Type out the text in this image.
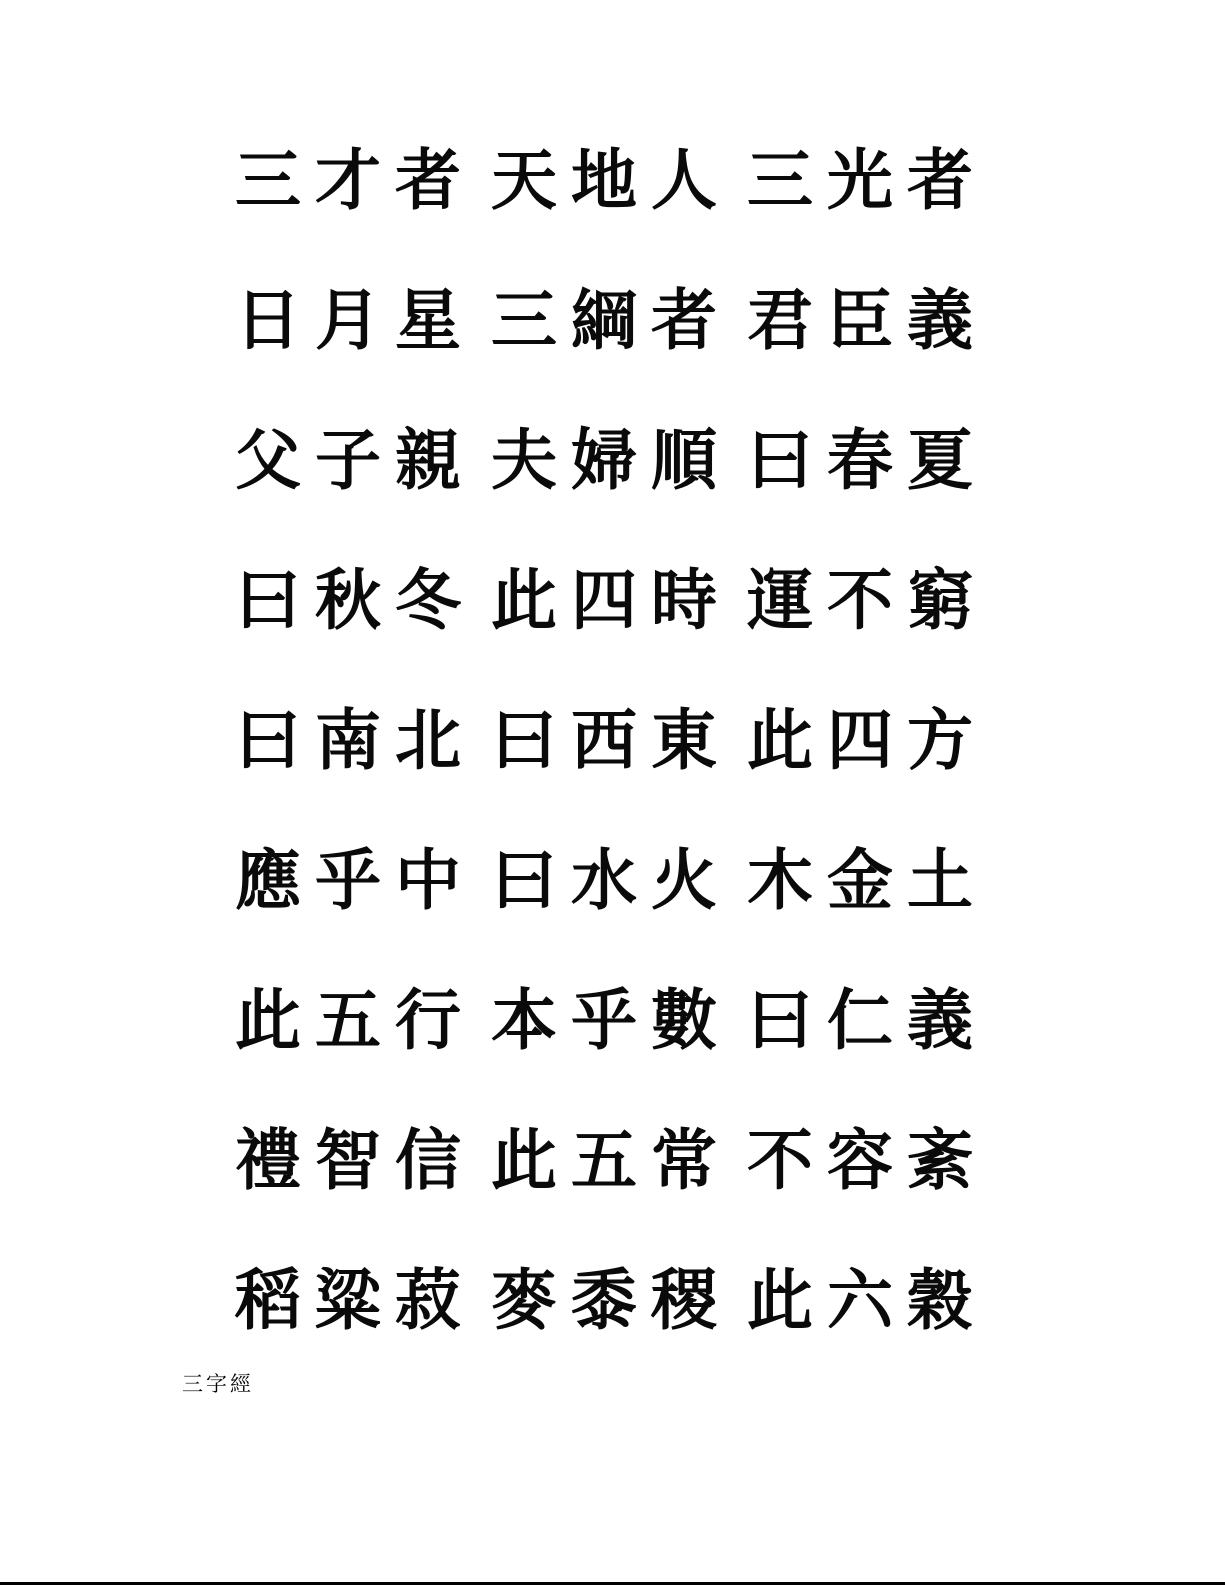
三 才 者 天 地 人 三 光 者
日 月 星 三 綱 者 君 臣 義
父 子 親 夫 婦 順 曰 春 夏
曰 秋 冬 此 四 時 運 不 窮
曰 南 北 曰 西 東 此 四 方
應 乎 中 曰 水 火 木 金 土
此 五 行 本 乎 數 曰 仁 義
禮 智 信 此 五 常 不 容 紊
稻 粱 菽 麥 黍 稷 此 六 穀
三字經
